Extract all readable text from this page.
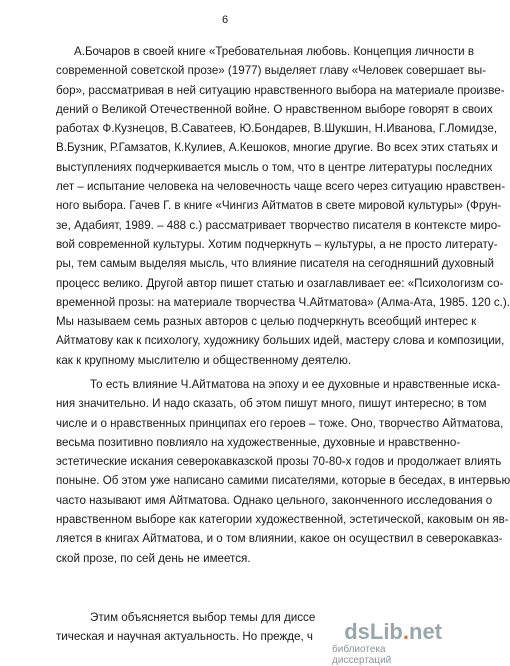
6
А.Бочаров в своей книге «Требовательная любовь. Концепция личности в
современной советской прозе» (1977) выделяет главу «Человек совершает вы-
бор», рассматривая в ней ситуацию нравственного выбора на материале произве-
дений о Великой Отечественной войне. О нравственном выборе говорят в своих
работах Ф.Кузнецов, В.Саватеев, Ю.Бондарев, В.Шукшин, Н.Иванова, Г.Ломидзе,
В.Бузник, Р.Гамзатов, К.Кулиев, А.Кешоков, многие другие. Во всех этих статьях и
выступлениях подчеркивается мысль о том, что в центре литературы последних
лет – испытание человека на человечность чаще всего через ситуацию нравствен-
ного выбора. Гачев Г. в книге «Чингиз Айтматов в свете мировой культуры» (Фрун-
зе, Адабият, 1989. – 488 с.) рассматривает творчество писателя в контексте миро-
вой современной культуры. Хотим подчеркнуть – культуры, а не просто литерату-
ры, тем самым выделяя мысль, что влияние писателя на сегодняшний духовный
процесс велико. Другой автор пишет статью и озаглавливает ее: «Психологизм со-
временной прозы: на материале творчества Ч.Айтматова» (Алма-Ата, 1985. 120 с.).
Мы называем семь разных авторов с целью подчеркнуть всеобщий интерес к
Айтматову как к психологу, художнику больших идей, мастеру слова и композиции,
как к крупному мыслителю и общественному деятелю.
То есть влияние Ч.Айтматова на эпоху и ее духовные и нравственные иска-
ния значительно. И надо сказать, об этом пишут много, пишут интересно; в том
числе и о нравственных принципах его героев – тоже. Оно, творчество Айтматова,
весьма позитивно повлияло на художественные, духовные и нравственно-
эстетические искания северокавказской прозы 70-80-х годов и продолжает влиять
поныне. Об этом уже написано самими писателями, которые в беседах, в интервью
часто называют имя Айтматова. Однако цельного, законченного исследования о
нравственном выборе как категории художественной, эстетической, каковым он яв-
ляется в книгах Айтматова, и о том влиянии, какое он осуществил в северокавказ-
ской прозе, по сей день не имеется.
Этим объясняется выбор темы для диссе
тическая и научная актуальность. Но прежде, ч	dsLib.net
библиотека диссертаций
